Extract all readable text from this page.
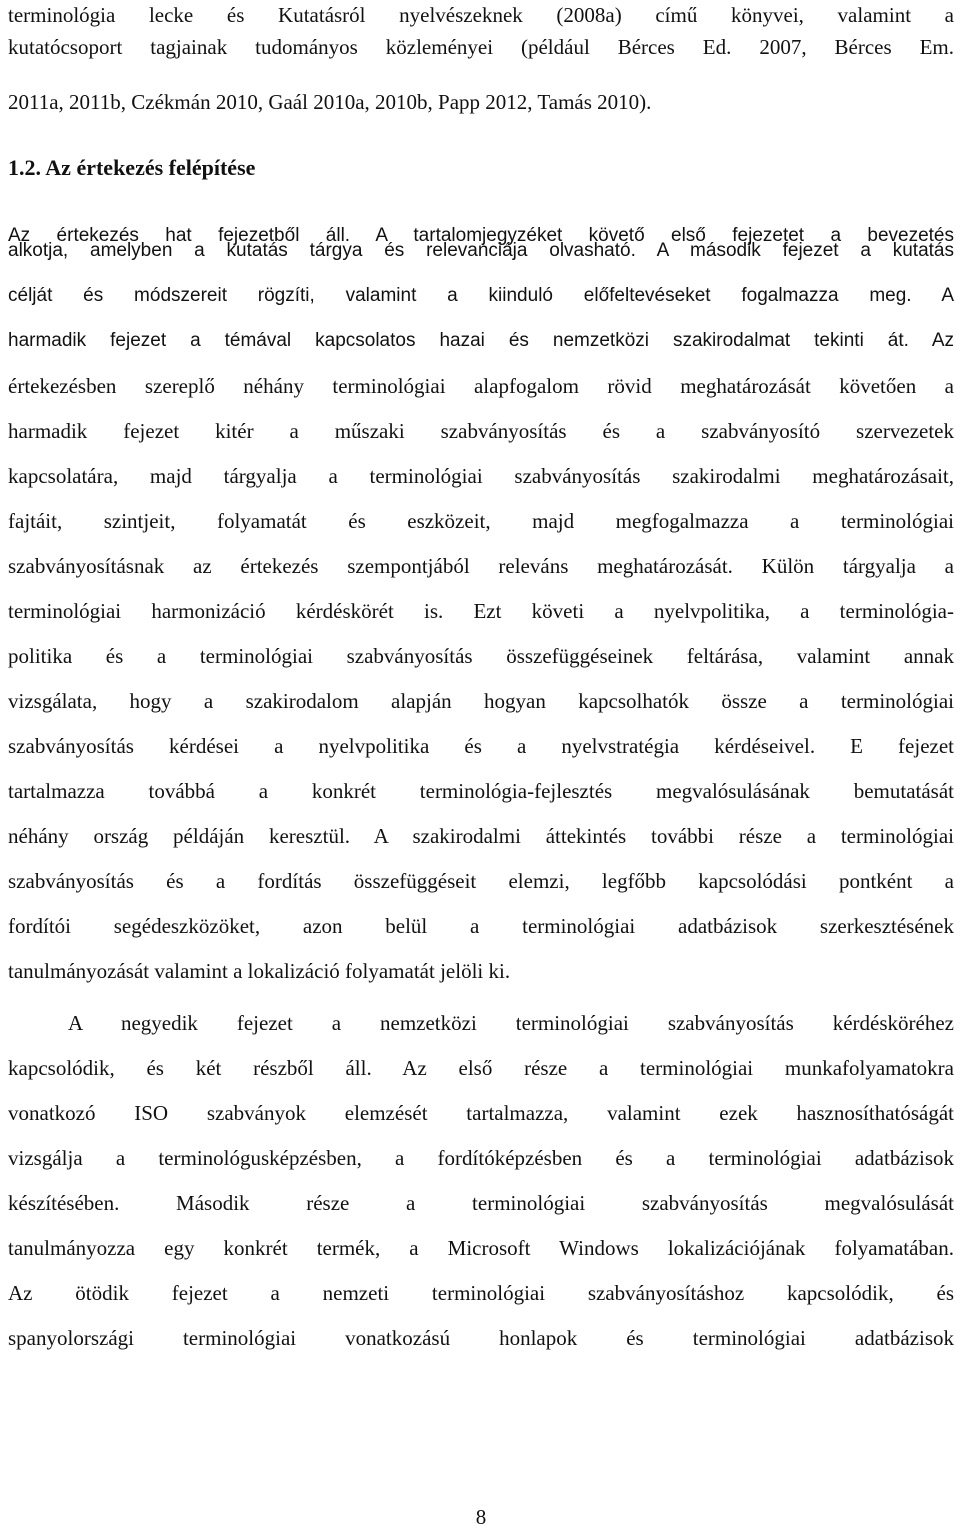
terminológia lecke és Kutatásról nyelvészeknek (2008a) című könyvei, valamint a
kutatócsoport tagjainak tudományos közleményei (például Bérces Ed. 2007, Bérces Em.
2011a, 2011b, Czékmán 2010, Gaál 2010a, 2010b, Papp 2012, Tamás 2010).
1.2. Az értekezés felépítése
Az értekezés hat fejezetből áll. A tartalomjegyzéket követő első fejezetet a bevezetés
alkotja, amelyben a kutatás tárgya és relevanciája olvasható. A második fejezet a kutatás
célját és módszereit rögzíti, valamint a kiinduló előfeltevéseket fogalmazza meg. A
harmadik fejezet a témával kapcsolatos hazai és nemzetközi szakirodalmat tekinti át. Az
értekezésben szereplő néhány terminológiai alapfogalom rövid meghatározását követően a
harmadik fejezet kitér a műszaki szabványosítás és a szabványosító szervezetek
kapcsolatára, majd tárgyalja a terminológiai szabványosítás szakirodalmi meghatározásait,
fajtáit, szintjeit, folyamatát és eszközeit, majd megfogalmazza a terminológiai
szabványosításnak az értekezés szempontjából releváns meghatározását. Külön tárgyalja a
terminológiai harmonizáció kérdéskörét is. Ezt követi a nyelvpolitika, a terminológia-
politika és a terminológiai szabványosítás összefüggéseinek feltárása, valamint annak
vizsgálata, hogy a szakirodalom alapján hogyan kapcsolhatók össze a terminológiai
szabványosítás kérdései a nyelvpolitika és a nyelvstratégia kérdéseivel. E fejezet
tartalmazza továbbá a konkrét terminológia-fejlesztés megvalósulásának bemutatását
néhány ország példáján keresztül. A szakirodalmi áttekintés további része a terminológiai
szabványosítás és a fordítás összefüggéseit elemzi, legfőbb kapcsolódási pontként a
fordítói segédeszközöket, azon belül a terminológiai adatbázisok szerkesztésének
tanulmányozását valamint a lokalizáció folyamatát jelöli ki.
A negyedik fejezet a nemzetközi terminológiai szabványosítás kérdésköréhez
kapcsolódik, és két részből áll. Az első része a terminológiai munkafolyamatokra
vonatkozó ISO szabványok elemzését tartalmazza, valamint ezek hasznosíthatóságát
vizsgálja a terminológusképzésben, a fordítóképzésben és a terminológiai adatbázisok
készítésében. Második része a terminológiai szabványosítás megvalósulását
tanulmányozza egy konkrét termék, a Microsoft Windows lokalizációjának folyamatában.
Az ötödik fejezet a nemzeti terminológiai szabványosításhoz kapcsolódik, és
spanyolországi terminológiai vonatkozású honlapok és terminológiai adatbázisok
8
